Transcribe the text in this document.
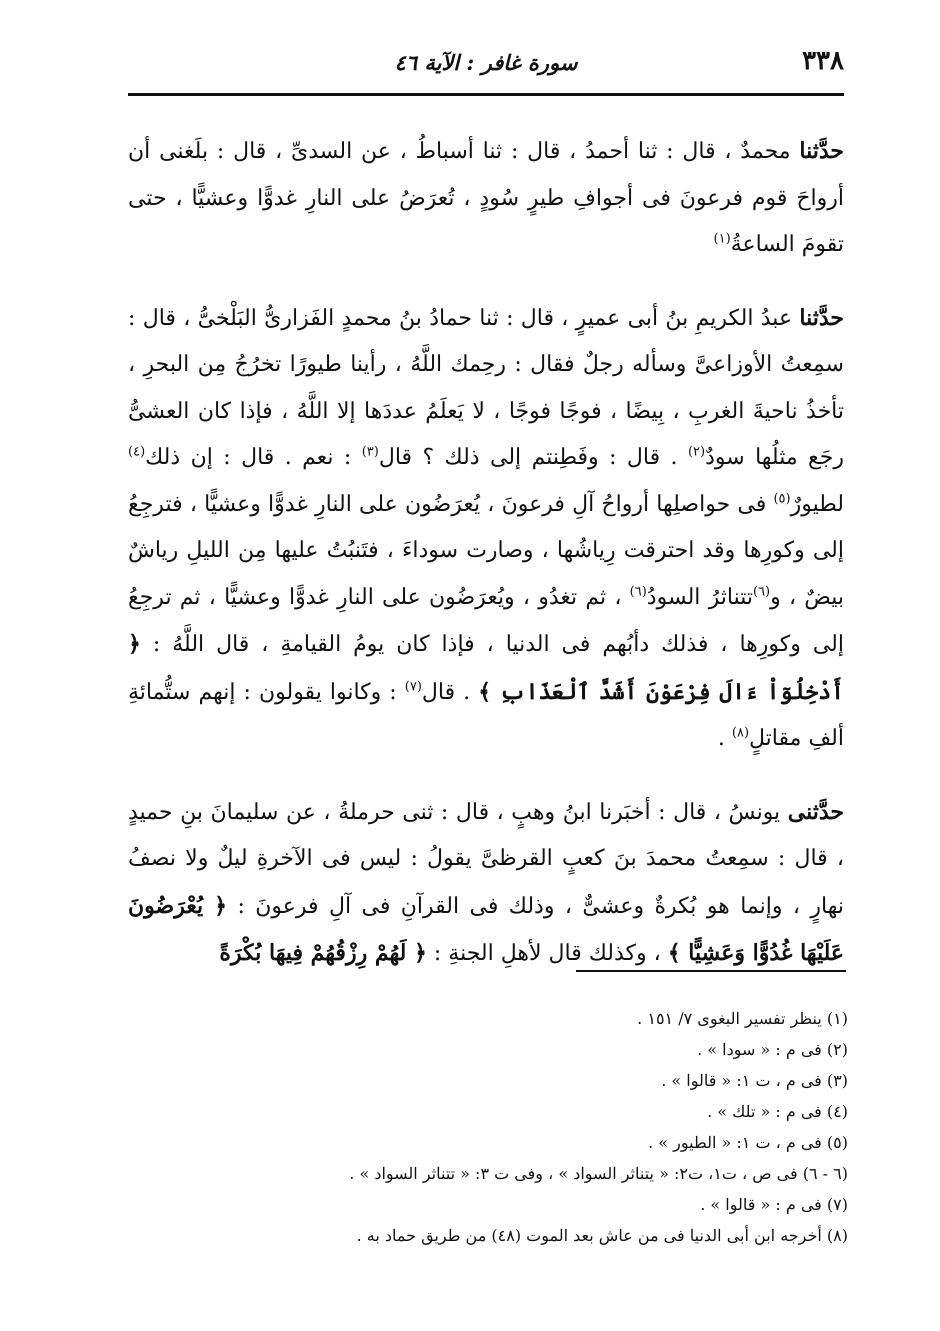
٣٣٨
سورة غافر : الآية ٤٦

حدَّثنا محمدٌ ، قال : ثنا أحمدُ ، قال : ثنا أسباطُ ، عن السدىِّ ، قال : بلَغنى أن أرواحَ قوم فرعونَ فى أجوافِ طيرٍ سُودٍ ، تُعرَضُ على النارِ غدوًّا وعشيًّا ، حتى تقومَ الساعةُ$^{(١)}$

حدَّثنا عبدُ الكريمِ بنُ أبى عميرٍ ، قال : ثنا حمادُ بنُ محمدٍ الفَزارىُّ البَلْخىُّ ، قال : سمِعتُ الأوزاعىَّ وسأله رجلٌ فقال : رحِمك اللَّهُ ، رأينا طيورًا تخرُجُ مِن البحرِ ، تأخذُ ناحيةَ الغربِ ، بِيضًا ، فوجًا فوجًا ، لا يَعلَمُ عددَها إلا اللَّهُ ، فإذا كان العشىُّ رجَع مثلُها سودٌ$^{(٢)}$ . قال : وفَطِنتم إلى ذلك ؟ قال$^{(٣)}$ : نعم . قال : إن ذلك$^{(٤)}$ لطيورٌ$^{(٥)}$ فى حواصلِها أرواحُ آلِ فرعونَ ، يُعرَضُون على النارِ غدوًّا وعشيًّا ، فترجِعُ إلى وكورِها وقد احترقت رِياشُها ، وصارت سوداءَ ، فتَنبُتُ عليها مِن الليلِ رياشٌ بيضٌ ، و$^{(٦)}$تتناثرُ السودُ$^{(٦)}$ ، ثم تغدُو ، ويُعرَضُون على النارِ غدوًّا وعشيًّا ، ثم ترجِعُ إلى وكورِها ، فذلك دأبُهم فى الدنيا ، فإذا كان يومُ القيامةِ ، قال اللَّهُ : ﴿ أَدْخِلُوٓاْ ءَالَ فِرْعَوْنَ أَشَدَّ ٱلْعَذَابِ ﴾ . قال$^{(٧)}$ : وكانوا يقولون : إنهم ستُّمائةِ ألفِ مقاتلٍ$^{(٨)}$ .

حدَّثنى يونسُ ، قال : أخبَرنا ابنُ وهبٍ ، قال : ثنى حرملةُ ، عن سليمانَ بنِ حميدٍ ، قال : سمِعتُ محمدَ بنَ كعبٍ القرظىَّ يقولُ : ليس فى الآخرةِ ليلٌ ولا نصفُ نهارٍ ، وإنما هو بُكرةٌ وعشىٌّ ، وذلك فى القرآنِ فى آلِ فرعونَ : ﴿ يُعْرَضُونَ عَلَيْهَا غُدُوًّا وَعَشِيًّا ﴾ ، وكذلك قال لأهلِ الجنةِ : ﴿ لَهُمْ رِزْقُهُمْ فِيهَا بُكْرَةً

(١) ينظر تفسير البغوى ٧/ ١٥١ .

(٢) فى م : « سودا » .

(٣) فى م ، ت ١: « قالوا » .

(٤) فى م : « تلك » .

(٥) فى م ، ت ١: « الطيور » .

(٦ - ٦) فى ص ، ت١، ت٢: « يتناثر السواد » ، وفى ت ٣: « تتناثر السواد » .

(٧) فى م : « قالوا » .

(٨) أخرجه ابن أبى الدنيا فى من عاش بعد الموت (٤٨) من طريق حماد به .
